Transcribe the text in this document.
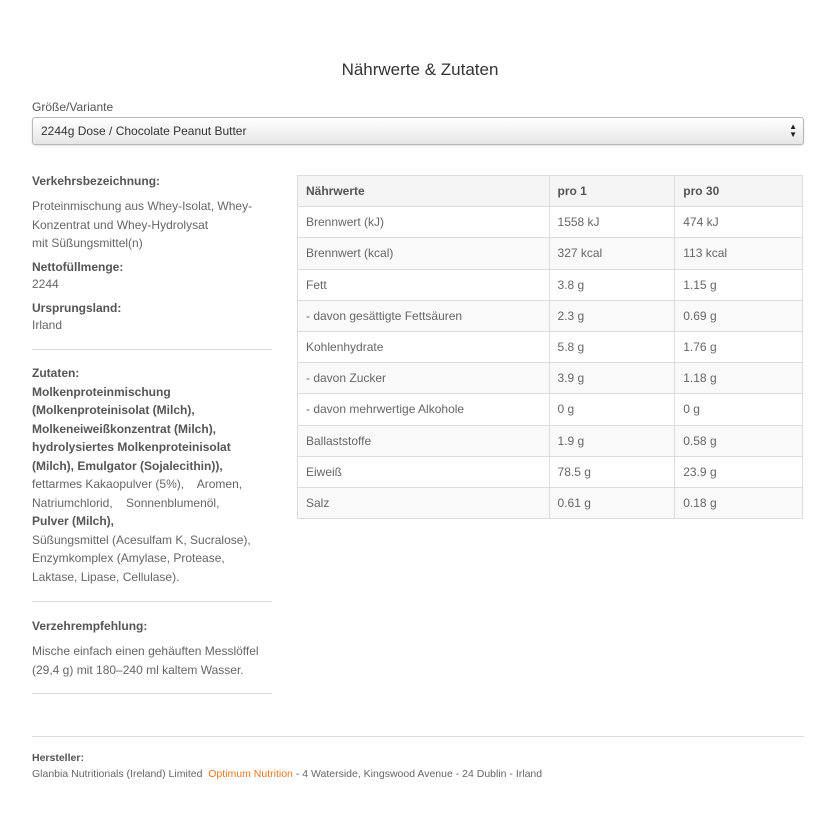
Nährwerte & Zutaten
Größe/Variante
2244g Dose / Chocolate Peanut Butter	▲
▼
Verkehrsbezeichnung:
Proteinmischung aus Whey-Isolat, Whey-
Konzentrat und Whey-Hydrolysat
mit Süßungsmittel(n)
Nettofüllmenge:
2244
Ursprungsland:
Irland
Zutaten:
Molkenproteinmischung
(Molkenproteinisolat (Milch),
Molkeneiweißkonzentrat (Milch),
hydrolysiertes Molkenproteinisolat
(Milch), Emulgator (Sojalecithin)),
fettarmes Kakaopulver (5%),    Aromen,
Natriumchlorid,    Sonnenblumenöl,
Pulver (Milch),
Süßungsmittel (Acesulfam K, Sucralose),
Enzymkomplex (Amylase, Protease,
Laktase, Lipase, Cellulase).
Verzehrempfehlung:
Mische einfach einen gehäuften Messlöffel
(29,4 g) mit 180–240 ml kaltem Wasser.
Nährwerte	pro 1	pro 30
Brennwert (kJ)	1558 kJ	474 kJ
Brennwert (kcal)	327 kcal	113 kcal
Fett	3.8 g	1.15 g
- davon gesättigte Fettsäuren	2.3 g	0.69 g
Kohlenhydrate	5.8 g	1.76 g
- davon Zucker	3.9 g	1.18 g
- davon mehrwertige Alkohole	0 g	0 g
Ballaststoffe	1.9 g	0.58 g
Eiweiß	78.5 g	23.9 g
Salz	0.61 g	0.18 g
Hersteller:
Glanbia Nutritionals (Ireland) Limited Optimum Nutrition - 4 Waterside, Kingswood Avenue - 24 Dublin - Irland
